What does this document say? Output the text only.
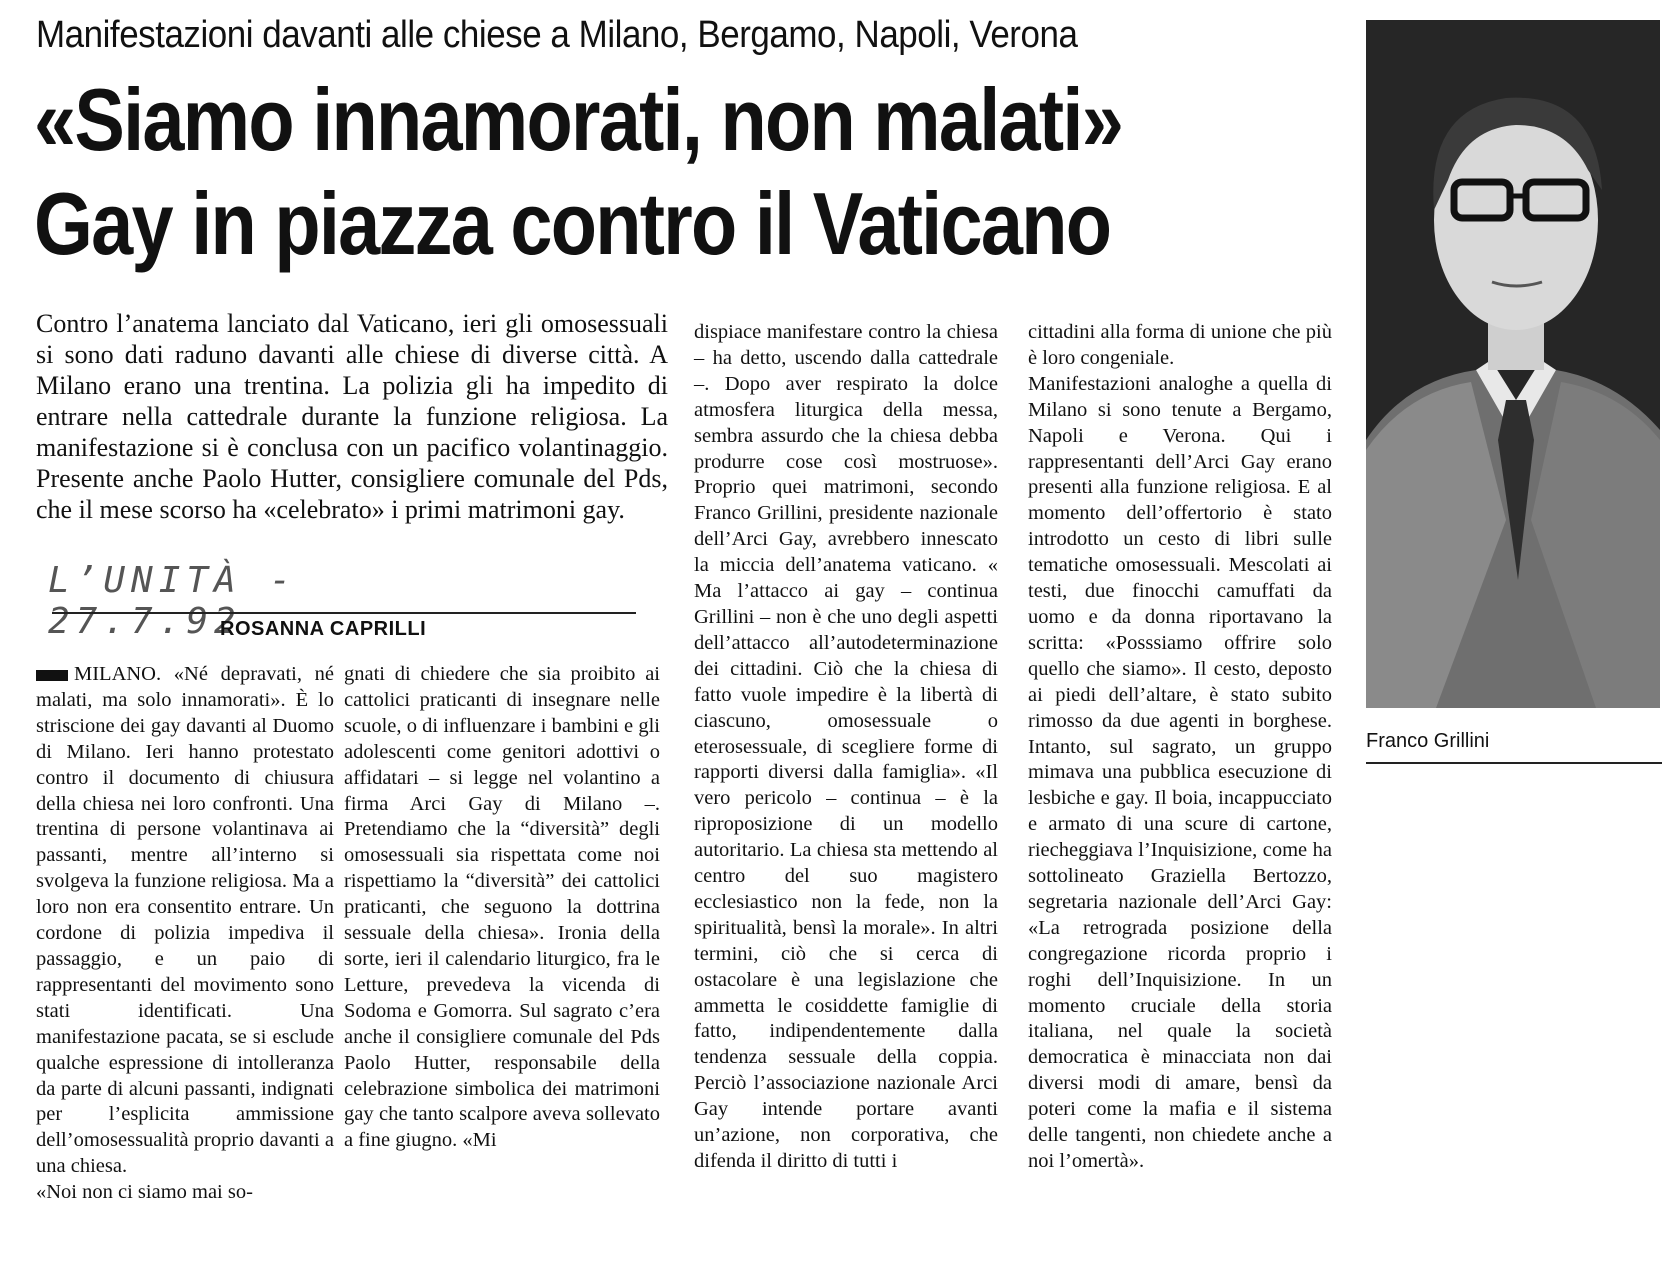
Manifestazioni davanti alle chiese a Milano, Bergamo, Napoli, Verona
«Siamo innamorati, non malati»
Gay in piazza contro il Vaticano
Contro l’anatema lanciato dal Vaticano, ieri gli omosessuali si sono dati raduno davanti alle chiese di diverse città. A Milano erano una trentina. La polizia gli ha impedito di entrare nella cattedrale durante la funzione religiosa. La manifestazione si è conclusa con un pacifico volantinaggio. Presente anche Paolo Hutter, consigliere comunale del Pds, che il mese scorso ha «celebrato» i primi matrimoni gay.
L’UNITÀ - 27.7.92
ROSANNA CAPRILLI
MILANO. «Né depravati, né malati, ma solo innamorati». È lo striscione dei gay davanti al Duomo di Milano. Ieri hanno protestato contro il documento di chiusura della chiesa nei loro confronti. Una trentina di persone volantinava ai passanti, mentre all’interno si svolgeva la funzione religiosa. Ma a loro non era consentito entrare. Un cordone di polizia impediva il passaggio, e un paio di rappresentanti del movimento sono stati identificati. Una manifestazione pacata, se si esclude qualche espressione di intolleranza da parte di alcuni passanti, indignati per l’esplicita ammissione dell’omosessualità proprio davanti a una chiesa.
«Noi non ci siamo mai so-
gnati di chiedere che sia proibito ai cattolici praticanti di insegnare nelle scuole, o di influenzare i bambini e gli adolescenti come genitori adottivi o affidatari – si legge nel volantino a firma Arci Gay di Milano –. Pretendiamo che la “diversità” degli omosessuali sia rispettata come noi rispettiamo la “diversità” dei cattolici praticanti, che seguono la dottrina sessuale della chiesa». Ironia della sorte, ieri il calendario liturgico, fra le Letture, prevedeva la vicenda di Sodoma e Gomorra. Sul sagrato c’era anche il consigliere comunale del Pds Paolo Hutter, responsabile della celebrazione simbolica dei matrimoni gay che tanto scalpore aveva sollevato a fine giugno. «Mi
dispiace manifestare contro la chiesa – ha detto, uscendo dalla cattedrale –. Dopo aver respirato la dolce atmosfera liturgica della messa, sembra assurdo che la chiesa debba produrre cose così mostruose». Proprio quei matrimoni, secondo Franco Grillini, presidente nazionale dell’Arci Gay, avrebbero innescato la miccia dell’anatema vaticano. « Ma l’attacco ai gay – continua Grillini – non è che uno degli aspetti dell’attacco all’autodeterminazione dei cittadini. Ciò che la chiesa di fatto vuole impedire è la libertà di ciascuno, omosessuale o eterosessuale, di scegliere forme di rapporti diversi dalla famiglia». «Il vero pericolo – continua – è la riproposizione di un modello autoritario. La chiesa sta mettendo al centro del suo magistero ecclesiastico non la fede, non la spiritualità, bensì la morale». In altri termini, ciò che si cerca di ostacolare è una legislazione che ammetta le cosiddette famiglie di fatto, indipendentemente dalla tendenza sessuale della coppia. Perciò l’associazione nazionale Arci Gay intende portare avanti un’azione, non corporativa, che difenda il diritto di tutti i
cittadini alla forma di unione che più è loro congeniale.
Manifestazioni analoghe a quella di Milano si sono tenute a Bergamo, Napoli e Verona. Qui i rappresentanti dell’Arci Gay erano presenti alla funzione religiosa. E al momento dell’offertorio è stato introdotto un cesto di libri sulle tematiche omosessuali. Mescolati ai testi, due finocchi camuffati da uomo e da donna riportavano la scritta: «Posssiamo offrire solo quello che siamo». Il cesto, deposto ai piedi dell’altare, è stato subito rimosso da due agenti in borghese. Intanto, sul sagrato, un gruppo mimava una pubblica esecuzione di lesbiche e gay. Il boia, incappucciato e armato di una scure di cartone, riecheggiava l’Inquisizione, come ha sottolineato Graziella Bertozzo, segretaria nazionale dell’Arci Gay: «La retrograda posizione della congregazione ricorda proprio i roghi dell’Inquisizione. In un momento cruciale della storia italiana, nel quale la società democratica è minacciata non dai diversi modi di amare, bensì da poteri come la mafia e il sistema delle tangenti, non chiedete anche a noi l’omertà».
Franco Grillini
